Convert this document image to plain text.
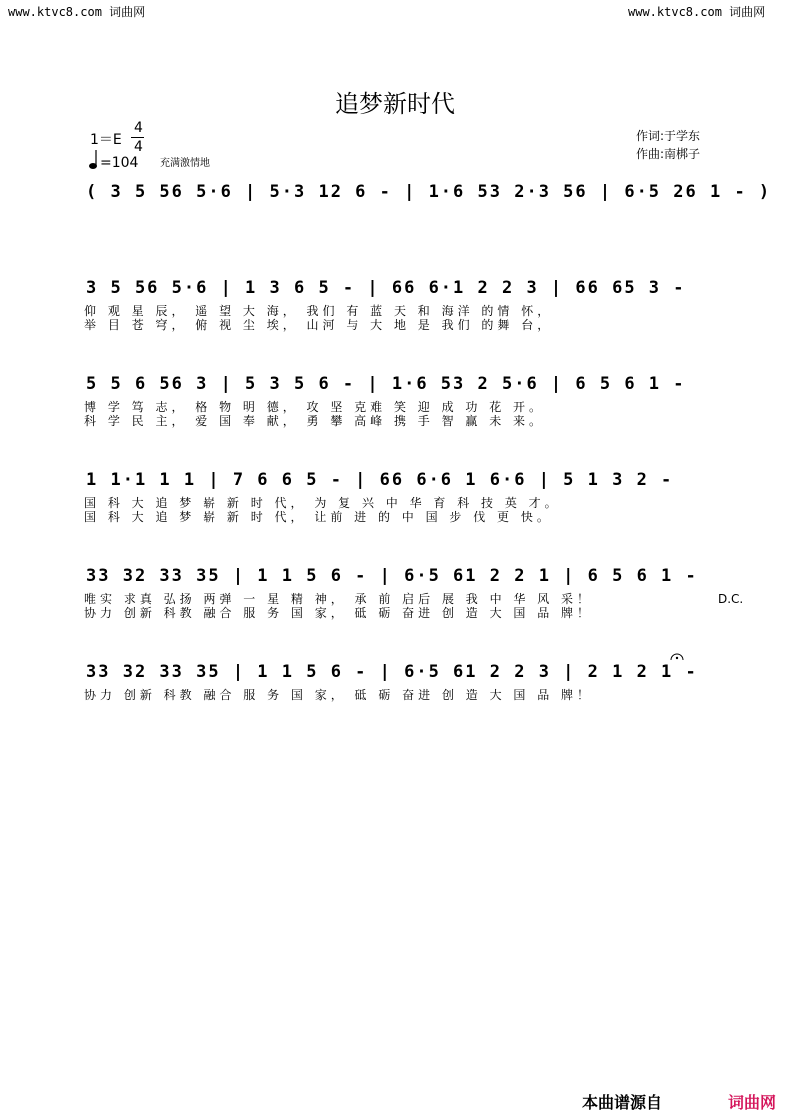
www.ktvc8.com 词曲网	www.ktvc8.com 词曲网
追梦新时代
1＝E
4
4
=104 充满激情地
作词:于学东
作曲:南梆子
( 3 5 56 5·6 | 5·3 12 6 - | 1·6 53 2·3 56 | 6·5 26 1 - )
3 5 56 5·6 | 1 3 6 5 - | 66 6·1 2 2 3 | 66 65 3 -
仰 观 星 辰， 遥 望 大 海， 我们 有 蓝 天 和 海洋 的情 怀，
举 目 苍 穹， 俯 视 尘 埃， 山河 与 大 地 是 我们 的舞 台，
5 5 6 56 3 | 5 3 5 6 - | 1·6 53 2 5·6 | 6 5 6 1 -
博 学 笃 志， 格 物 明 德， 攻 坚 克难 笑 迎 成 功 花 开。
科 学 民 主， 爱 国 奉 献， 勇 攀 高峰 携 手 智 赢 未 来。
1 1·1 1 1 | 7 6 6 5 - | 66 6·6 1 6·6 | 5 1 3 2 -
国 科 大 追 梦 崭 新 时 代， 为 复 兴 中 华 育 科 技 英 才。
国 科 大 追 梦 崭 新 时 代， 让前 进 的 中 国 步 伐 更 快。
33 32 33 35 | 1 1 5 6 - | 6·5 61 2 2 1 | 6 5 6 1 -
唯实 求真 弘扬 两弹 一 星 精 神， 承 前 启后 展 我 中 华 风 采！
协力 创新 科教 融合 服 务 国 家， 砥 砺 奋进 创 造 大 国 品 牌！
D.C.
33 32 33 35 | 1 1 5 6 - | 6·5 61 2 2 3 | 2 1 2 1 -
协力 创新 科教 融合 服 务 国 家， 砥 砺 奋进 创 造 大 国 品 牌！
本曲谱源自	词曲网
